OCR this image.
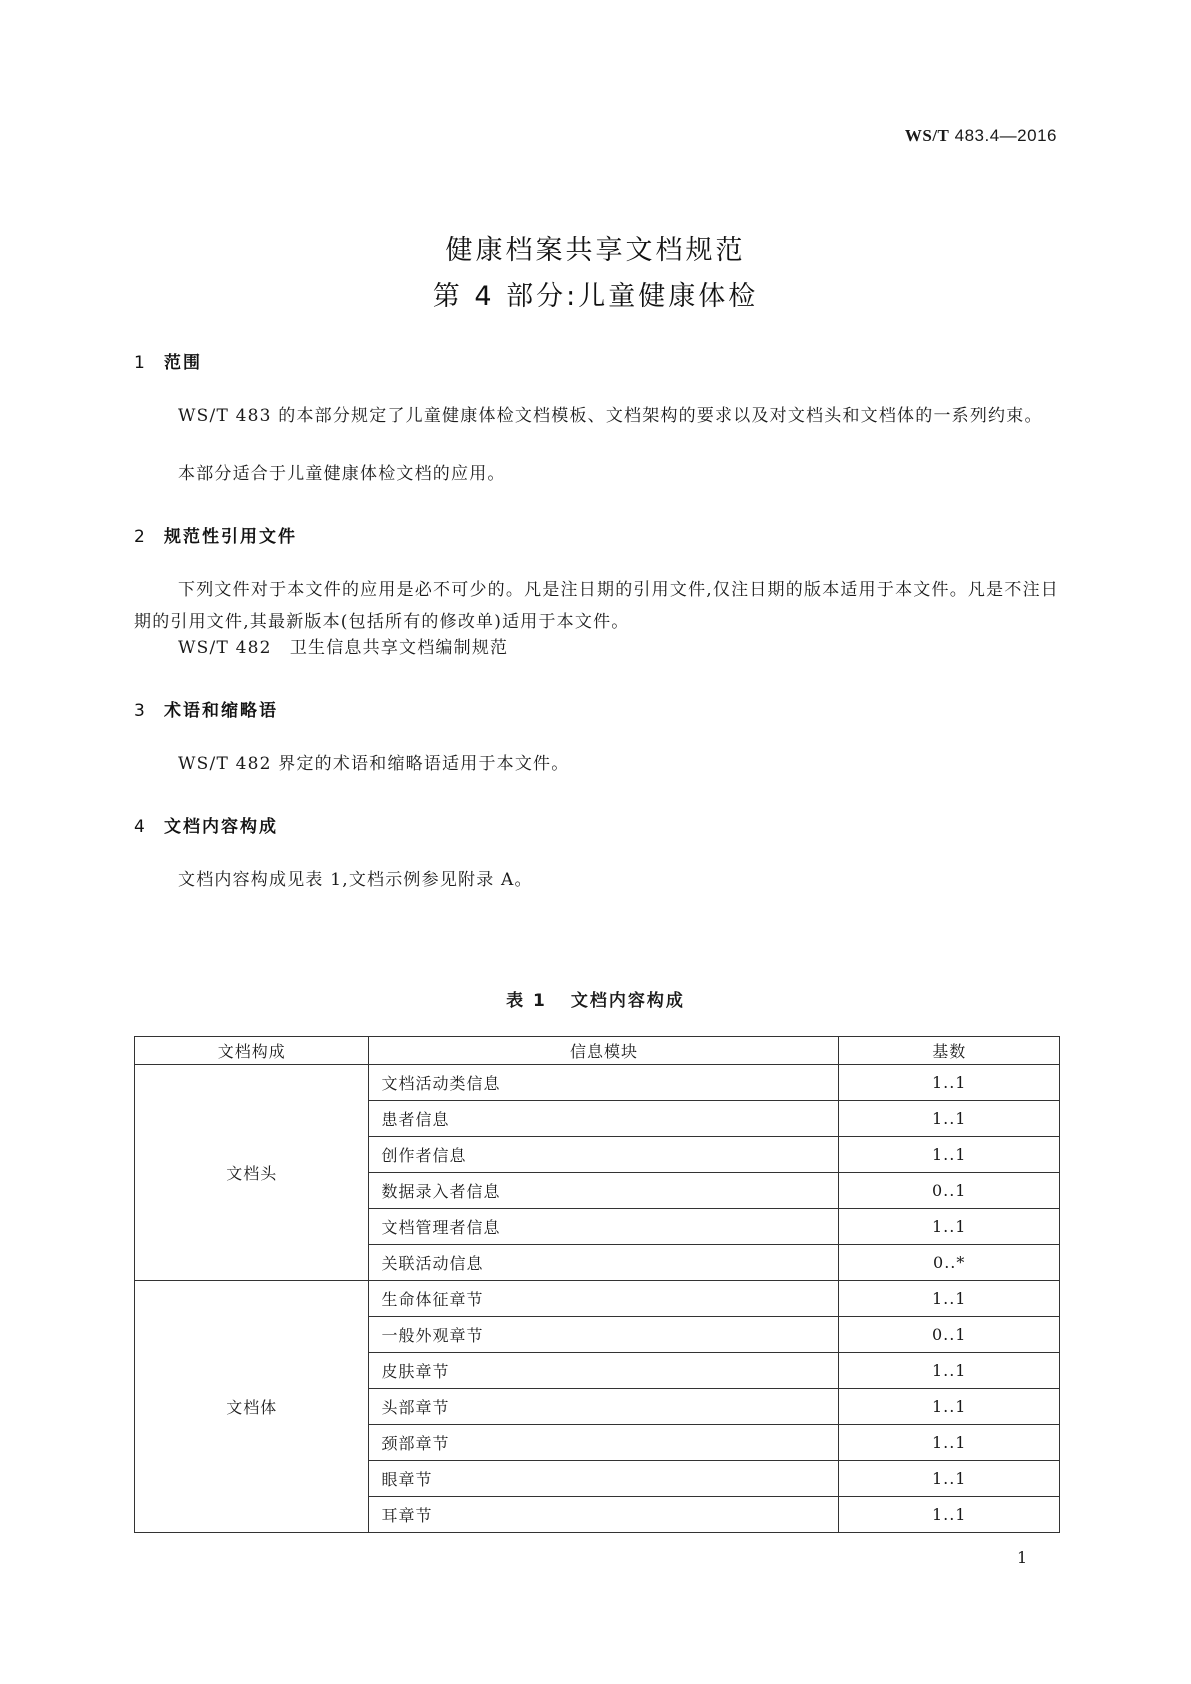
WS/T 483.4—2016
健康档案共享文档规范
第 4 部分:儿童健康体检
1 范围
WS/T 483 的本部分规定了儿童健康体检文档模板、文档架构的要求以及对文档头和文档体的一系列约束。
本部分适合于儿童健康体检文档的应用。
2 规范性引用文件
下列文件对于本文件的应用是必不可少的。凡是注日期的引用文件,仅注日期的版本适用于本文件。凡是不注日期的引用文件,其最新版本(包括所有的修改单)适用于本文件。
WS/T 482　卫生信息共享文档编制规范
3 术语和缩略语
WS/T 482 界定的术语和缩略语适用于本文件。
4 文档内容构成
文档内容构成见表 1,文档示例参见附录 A。
表 1 文档内容构成
文档构成	信息模块	基数
文档头	文档活动类信息	1..1
	患者信息	1..1
	创作者信息	1..1
	数据录入者信息	0..1
	文档管理者信息	1..1
	关联活动信息	0..*
文档体	生命体征章节	1..1
	一般外观章节	0..1
	皮肤章节	1..1
	头部章节	1..1
	颈部章节	1..1
	眼章节	1..1
	耳章节	1..1
1
